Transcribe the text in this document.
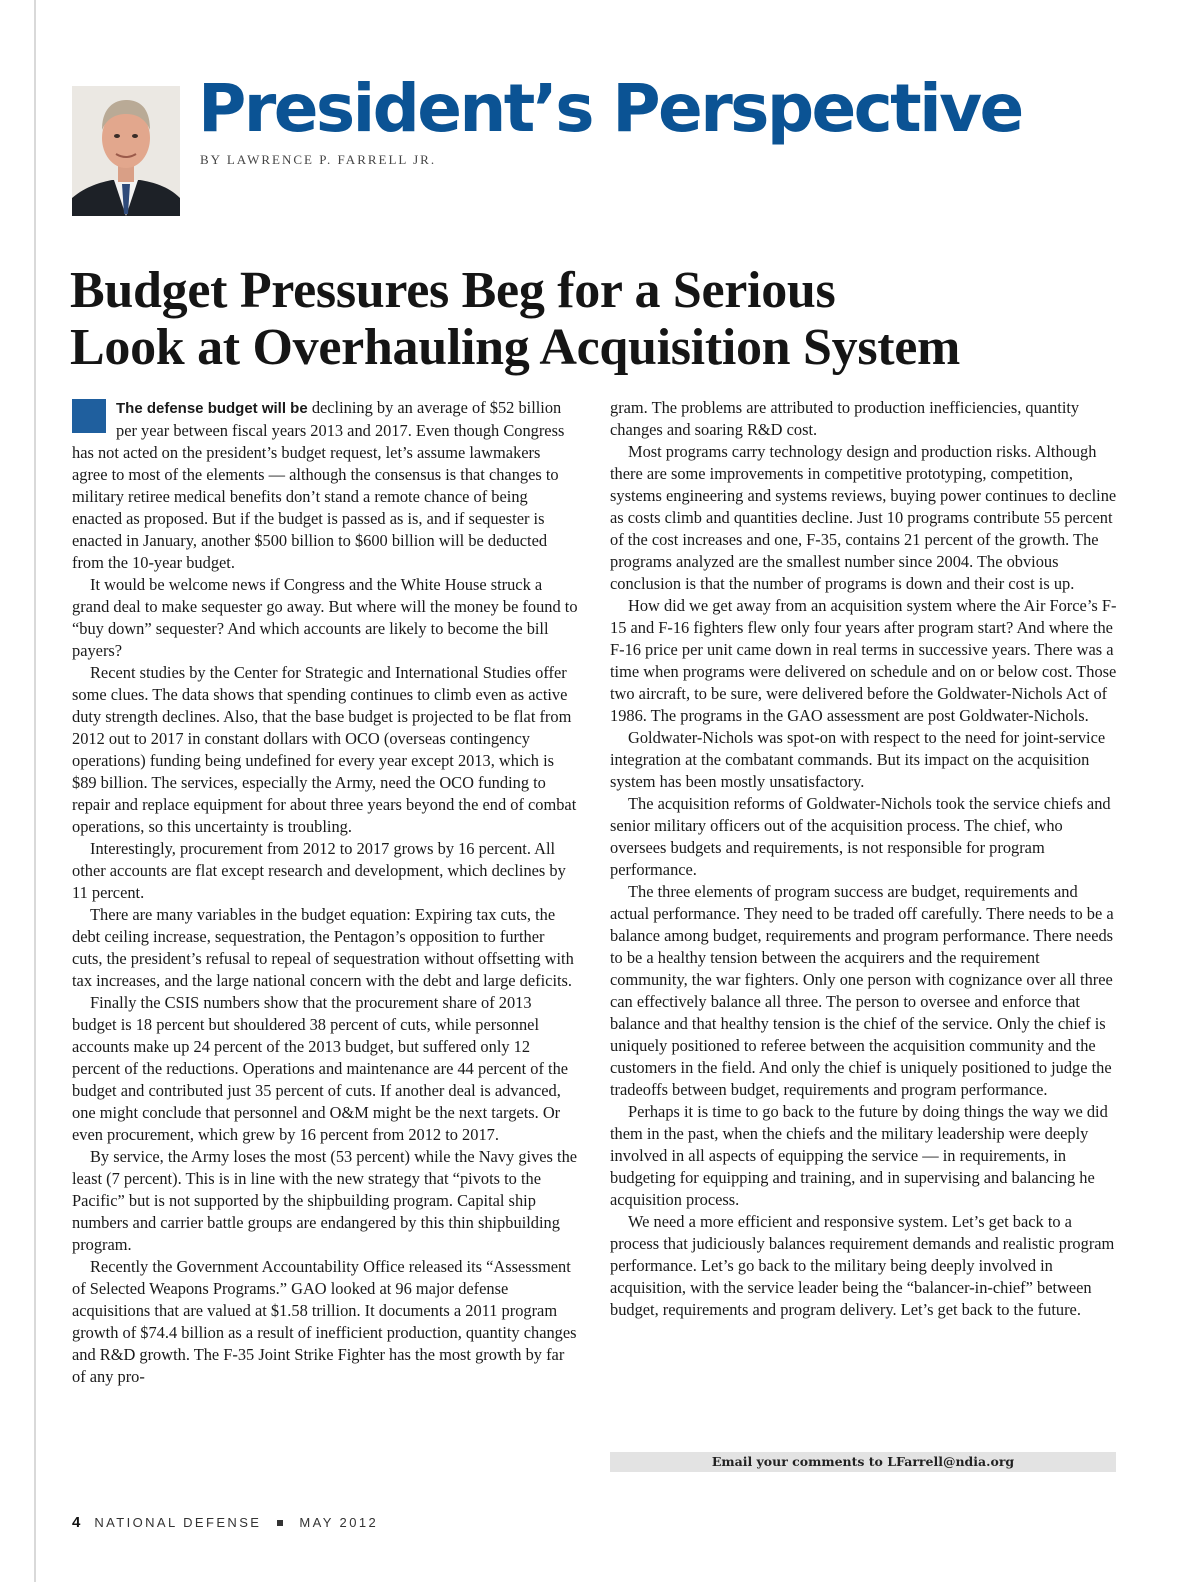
President’s Perspective
BY LAWRENCE P. FARRELL JR.
Budget Pressures Beg for a Serious
Look at Overhauling Acquisition System

The defense budget will be declining by an average of $52 billion per year between fiscal years 2013 and 2017. Even though Congress has not acted on the president’s budget request, let’s assume lawmakers agree to most of the elements — although the consensus is that changes to military retiree medical benefits don’t stand a remote chance of being enacted as proposed. But if the budget is passed as is, and if sequester is enacted in January, another $500 billion to $600 billion will be deducted from the 10-year budget.

It would be welcome news if Congress and the White House struck a grand deal to make sequester go away. But where will the money be found to “buy down” sequester? And which accounts are likely to become the bill payers?

Recent studies by the Center for Strategic and International Studies offer some clues. The data shows that spending continues to climb even as active duty strength declines. Also, that the base budget is projected to be flat from 2012 out to 2017 in constant dollars with OCO (overseas contingency operations) funding being undefined for every year except 2013, which is $89 billion. The services, especially the Army, need the OCO funding to repair and replace equipment for about three years beyond the end of combat operations, so this uncertainty is troubling.

Interestingly, procurement from 2012 to 2017 grows by 16 percent. All other accounts are flat except research and development, which declines by 11 percent.

There are many variables in the budget equation: Expiring tax cuts, the debt ceiling increase, sequestration, the Pentagon’s opposition to further cuts, the president’s refusal to repeal of sequestration without offsetting with tax increases, and the large national concern with the debt and large deficits.

Finally the CSIS numbers show that the procurement share of 2013 budget is 18 percent but shouldered 38 percent of cuts, while personnel accounts make up 24 percent of the 2013 budget, but suffered only 12 percent of the reductions. Operations and maintenance are 44 percent of the budget and contributed just 35 percent of cuts. If another deal is advanced, one might conclude that personnel and O&M might be the next targets. Or even procurement, which grew by 16 percent from 2012 to 2017.

By service, the Army loses the most (53 percent) while the Navy gives the least (7 percent). This is in line with the new strategy that “pivots to the Pacific” but is not supported by the shipbuilding program. Capital ship numbers and carrier battle groups are endangered by this thin shipbuilding program.

Recently the Government Accountability Office released its “Assessment of Selected Weapons Programs.” GAO looked at 96 major defense acquisitions that are valued at $1.58 trillion. It documents a 2011 program growth of $74.4 billion as a result of inefficient production, quantity changes and R&D growth. The F-35 Joint Strike Fighter has the most growth by far of any pro-

gram. The problems are attributed to production inefficiencies, quantity changes and soaring R&D cost.

Most programs carry technology design and production risks. Although there are some improvements in competitive prototyping, competition, systems engineering and systems reviews, buying power continues to decline as costs climb and quantities decline. Just 10 programs contribute 55 percent of the cost increases and one, F-35, contains 21 percent of the growth. The programs analyzed are the smallest number since 2004. The obvious conclusion is that the number of programs is down and their cost is up.

How did we get away from an acquisition system where the Air Force’s F-15 and F-16 fighters flew only four years after program start? And where the F-16 price per unit came down in real terms in successive years. There was a time when programs were delivered on schedule and on or below cost. Those two aircraft, to be sure, were delivered before the Goldwater-Nichols Act of 1986. The programs in the GAO assessment are post Goldwater-Nichols.

Goldwater-Nichols was spot-on with respect to the need for joint-service integration at the combatant commands. But its impact on the acquisition system has been mostly unsatisfactory.

The acquisition reforms of Goldwater-Nichols took the service chiefs and senior military officers out of the acquisition process. The chief, who oversees budgets and requirements, is not responsible for program performance.

The three elements of program success are budget, requirements and actual performance. They need to be traded off carefully. There needs to be a balance among budget, requirements and program performance. There needs to be a healthy tension between the acquirers and the requirement community, the war fighters. Only one person with cognizance over all three can effectively balance all three. The person to oversee and enforce that balance and that healthy tension is the chief of the service. Only the chief is uniquely positioned to referee between the acquisition community and the customers in the field. And only the chief is uniquely positioned to judge the tradeoffs between budget, requirements and program performance.

Perhaps it is time to go back to the future by doing things the way we did them in the past, when the chiefs and the military leadership were deeply involved in all aspects of equipping the service — in requirements, in budgeting for equipping and training, and in supervising and balancing he acquisition process.

We need a more efficient and responsive system. Let’s get back to a process that judiciously balances requirement demands and realistic program performance. Let’s go back to the military being deeply involved in acquisition, with the service leader being the “balancer-in-chief” between budget, requirements and program delivery. Let’s get back to the future.

Email your comments to LFarrell@ndia.org
4 NATIONAL DEFENSE	MAY 2012
